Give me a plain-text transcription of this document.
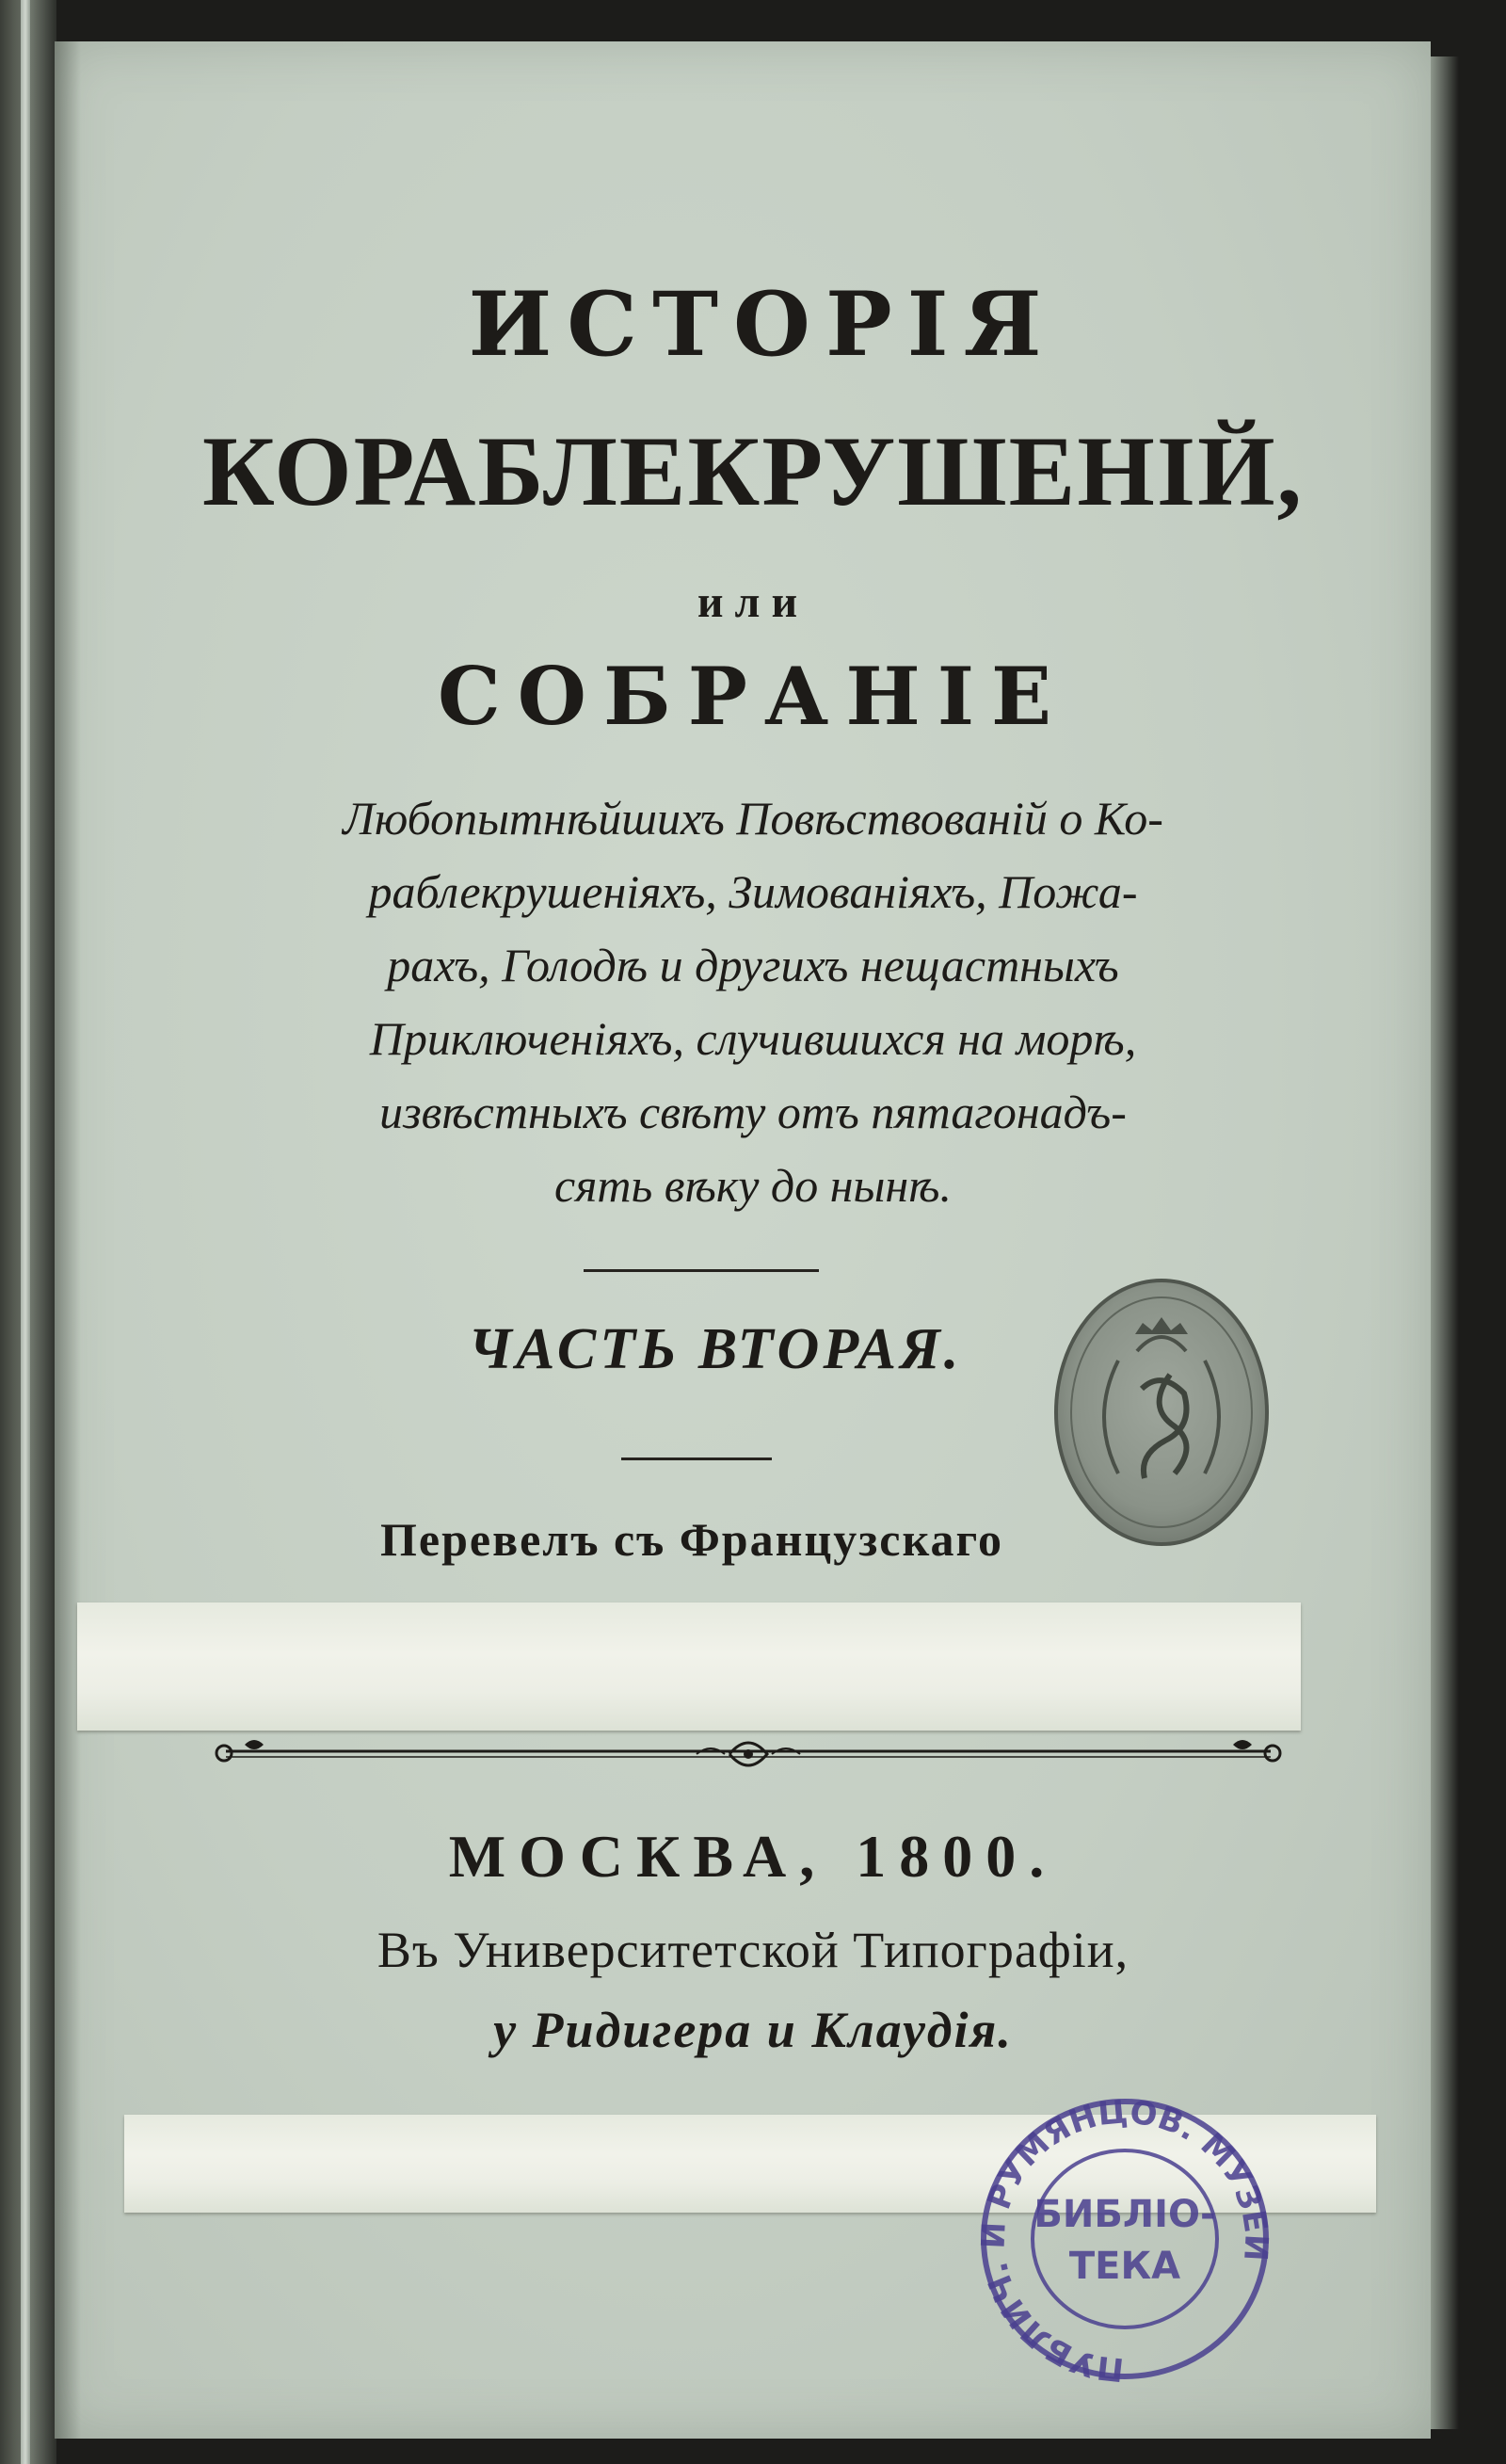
ИСТОРІЯ
КОРАБЛЕКРУШЕНІЙ,
или
СОБРАНІЕ
Любопытнѣйшихъ Повѣствованій о Ко-
раблекрушеніяхъ, Зимованіяхъ, Пожа-
рахъ, Голодѣ и другихъ нещастныхъ
Приключеніяхъ, случившихся на морѣ,
извѣстныхъ свѣту отъ пятагонадъ-
сять вѣку до нынѣ.
ЧАСТЬ ВТОРАЯ.
Перевелъ съ Французскаго
МОСКВА, 1800.
Въ Университетской Типографіи,
у Ридигера и Клаудія.
ПУБЛИЧ. И РУМЯНЦОВ. МУЗЕИ
БИБЛІО-
ТЕКА
